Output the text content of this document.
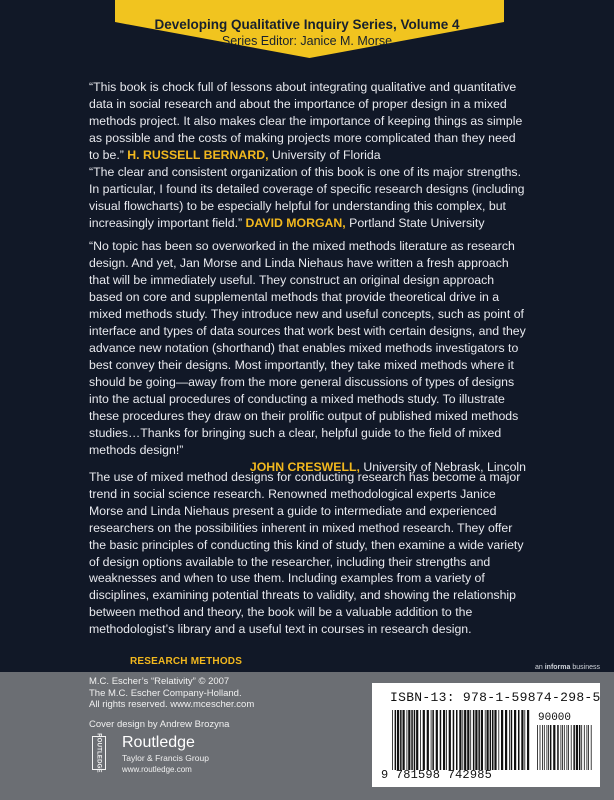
Developing Qualitative Inquiry Series, Volume 4
Series Editor: Janice M. Morse
“This book is chock full of lessons about integrating qualitative and quantitative data in social research and about the importance of proper design in a mixed methods project. It also makes clear the importance of keeping things as simple as possible and the costs of making projects more complicated than they need to be.” H. RUSSELL BERNARD, University of Florida
“The clear and consistent organization of this book is one of its major strengths. In particular, I found its detailed coverage of specific research designs (including visual flowcharts) to be especially helpful for understanding this complex, but increasingly important field.” DAVID MORGAN, Portland State University
“No topic has been so overworked in the mixed methods literature as research design. And yet, Jan Morse and Linda Niehaus have written a fresh approach that will be immediately useful. They construct an original design approach based on core and supplemental methods that provide theoretical drive in a mixed methods study. They introduce new and useful concepts, such as point of interface and types of data sources that work best with certain designs, and they advance new notation (shorthand) that enables mixed methods investigators to best convey their designs. Most importantly, they take mixed methods where it should be going—away from the more general discussions of types of designs into the actual procedures of conducting a mixed methods study. To illustrate these procedures they draw on their prolific output of published mixed methods studies…Thanks for bringing such a clear, helpful guide to the field of mixed methods design!”
JOHN CRESWELL, University of Nebrask, Lincoln
The use of mixed method designs for conducting research has become a major trend in social science research. Renowned methodological experts Janice Morse and Linda Niehaus present a guide to intermediate and experienced researchers on the possibilities inherent in mixed method research. They offer the basic principles of conducting this kind of study, then examine a wide variety of design options available to the researcher, including their strengths and weaknesses and when to use them. Including examples from a variety of disciplines, examining potential threats to validity, and showing the relationship between method and theory, the book will be a valuable addition to the methodologist’s library and a useful text in courses in research design.
RESEARCH METHODS
an informa business
M.C. Escher’s “Relativity” © 2007
The M.C. Escher Company-Holland.
All rights reserved. www.mcescher.com
Cover design by Andrew Brozyna
ROUTLEDGE Routledge
Taylor & Francis Group
www.routledge.com
ISBN-13: 978-1-59874-298-5
90000
9 781598 742985
